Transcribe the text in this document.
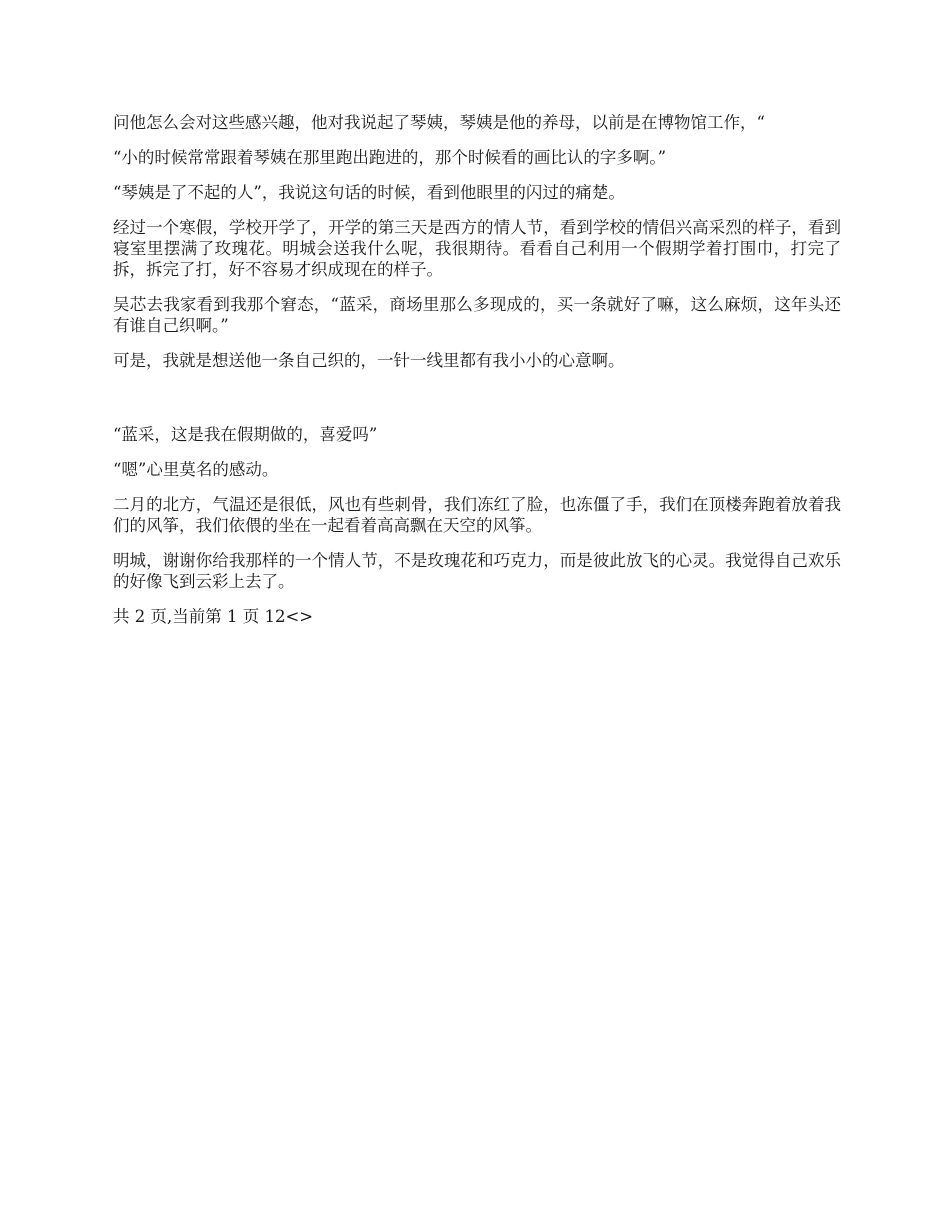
问他怎么会对这些感兴趣，他对我说起了琴姨，琴姨是他的养母，以前是在博物馆工作，“

“小的时候常常跟着琴姨在那里跑出跑进的，那个时候看的画比认的字多啊。”

“琴姨是了不起的人”，我说这句话的时候，看到他眼里的闪过的痛楚。

经过一个寒假，学校开学了，开学的第三天是西方的情人节，看到学校的情侣兴高采烈的样子，看到寝室里摆满了玫瑰花。明城会送我什么呢，我很期待。看看自己利用一个假期学着打围巾，打完了拆，拆完了打，好不容易才织成现在的样子。

吴芯去我家看到我那个窘态，“蓝采，商场里那么多现成的，买一条就好了嘛，这么麻烦，这年头还有谁自己织啊。”

可是，我就是想送他一条自己织的，一针一线里都有我小小的心意啊。

“蓝采，这是我在假期做的，喜爱吗”

“嗯”心里莫名的感动。

二月的北方，气温还是很低，风也有些刺骨，我们冻红了脸，也冻僵了手，我们在顶楼奔跑着放着我们的风筝，我们依偎的坐在一起看着高高飘在天空的风筝。

明城，谢谢你给我那样的一个情人节，不是玫瑰花和巧克力，而是彼此放飞的心灵。我觉得自己欢乐的好像飞到云彩上去了。

共 2 页,当前第 1 页 12<>
